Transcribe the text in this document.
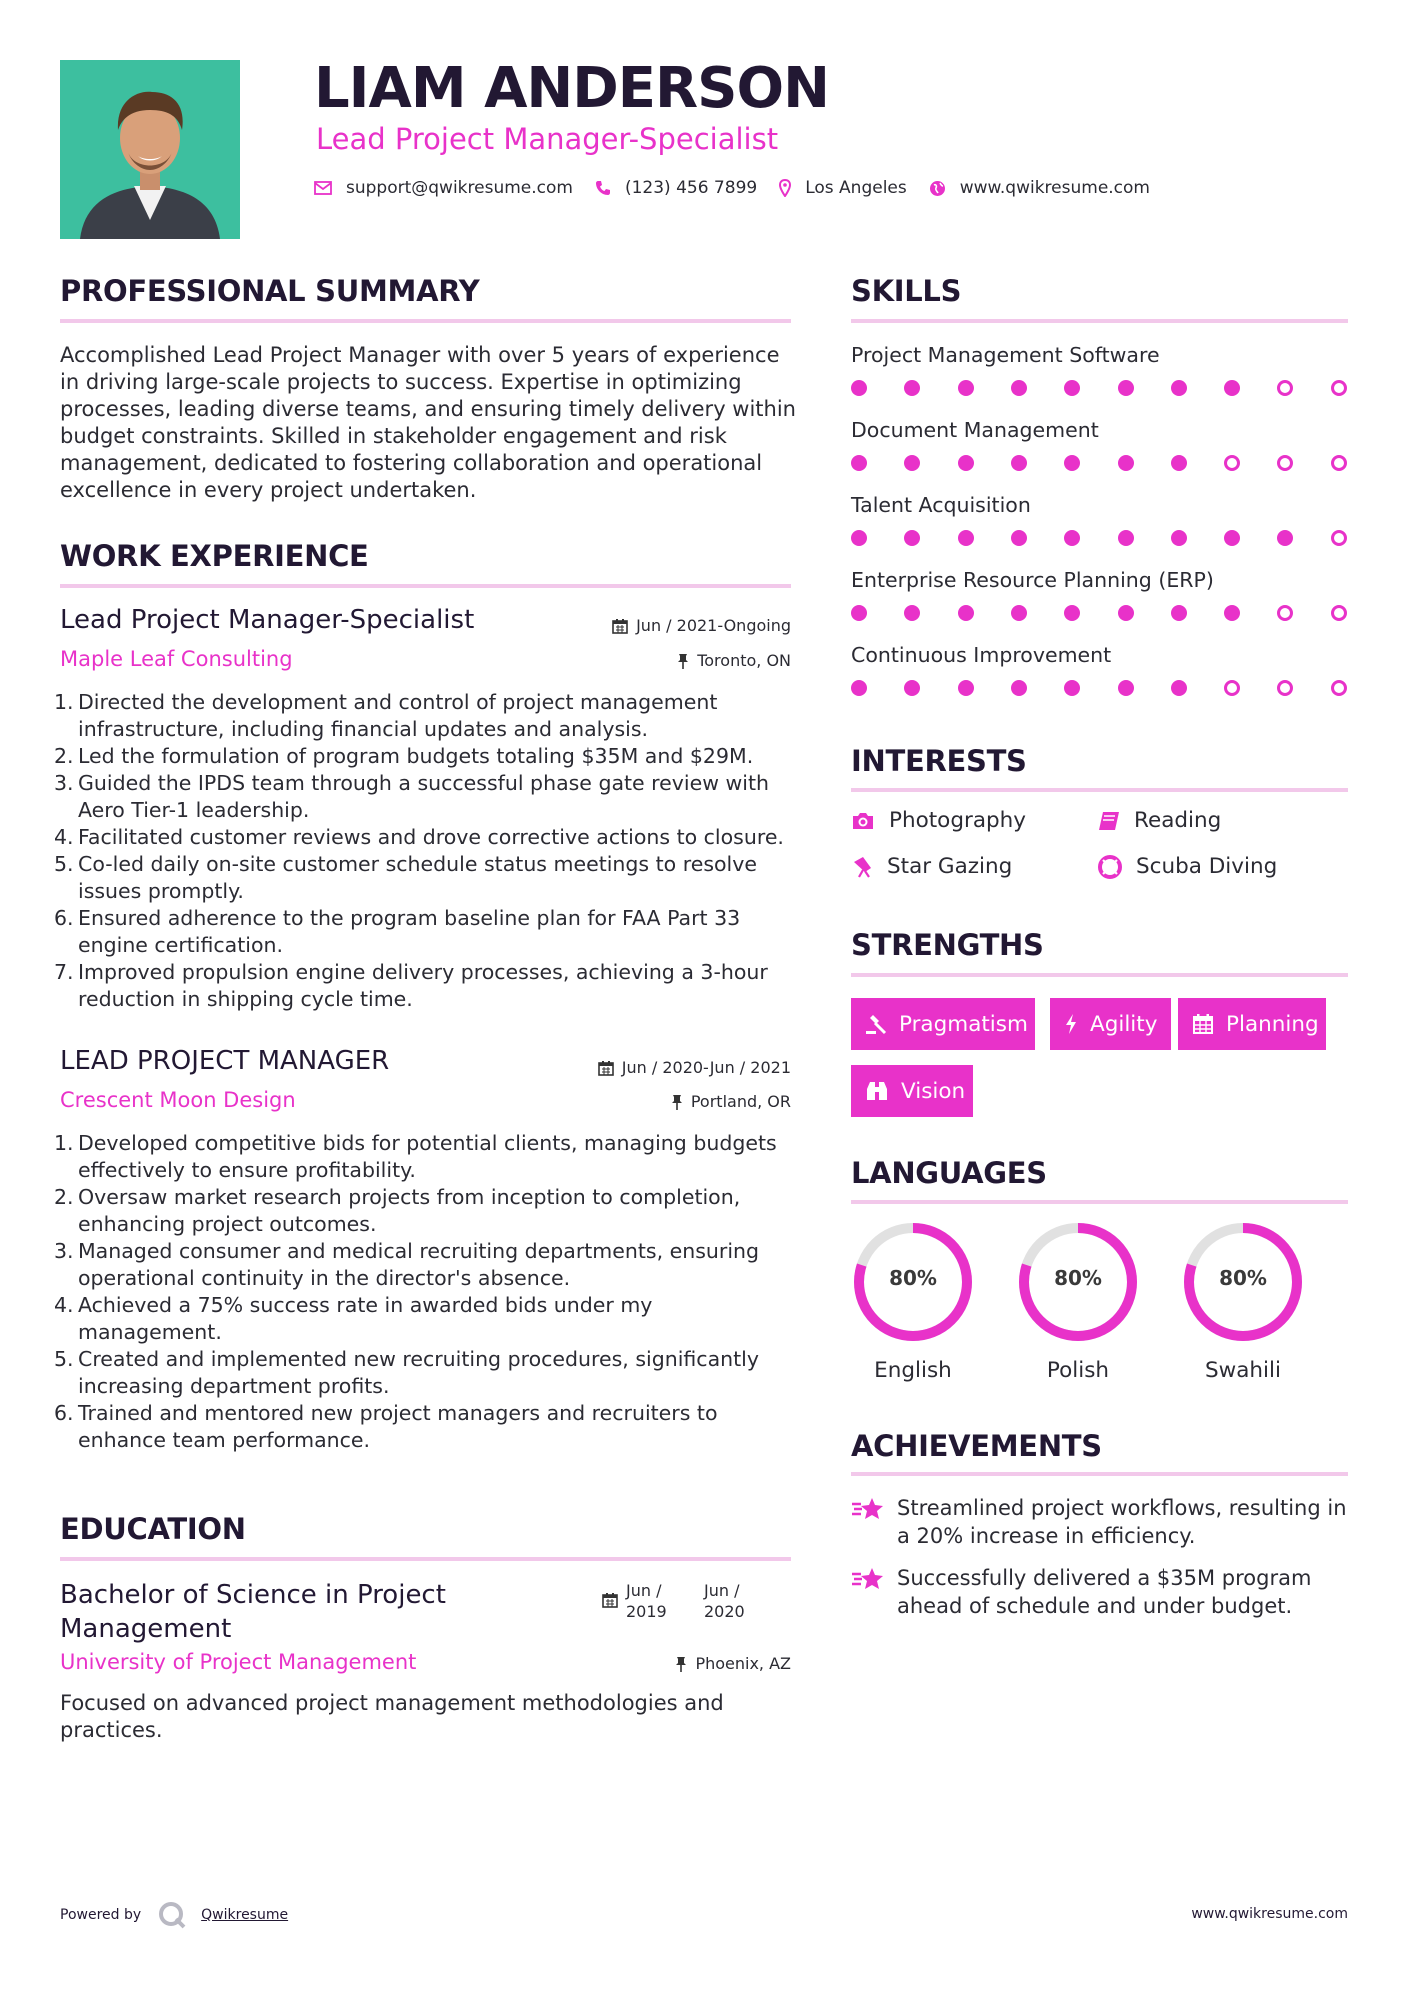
LIAM ANDERSON
Lead Project Manager-Specialist
support@qwikresume.com	(123) 456 7899	Los Angeles	www.qwikresume.com
PROFESSIONAL SUMMARY
Accomplished Lead Project Manager with over 5 years of experience in driving large-scale projects to success. Expertise in optimizing processes, leading diverse teams, and ensuring timely delivery within budget constraints. Skilled in stakeholder engagement and risk management, dedicated to fostering collaboration and operational excellence in every project undertaken.
WORK EXPERIENCE
Lead Project Manager-Specialist	Jun / 2021-Ongoing
Maple Leaf Consulting	Toronto, ON
1. Directed the development and control of project management infrastructure, including financial updates and analysis.
2. Led the formulation of program budgets totaling $35M and $29M.
3. Guided the IPDS team through a successful phase gate review with Aero Tier-1 leadership.
4. Facilitated customer reviews and drove corrective actions to closure.
5. Co-led daily on-site customer schedule status meetings to resolve issues promptly.
6. Ensured adherence to the program baseline plan for FAA Part 33 engine certification.
7. Improved propulsion engine delivery processes, achieving a 3-hour reduction in shipping cycle time.
LEAD PROJECT MANAGER	Jun / 2020-Jun / 2021
Crescent Moon Design	Portland, OR
1. Developed competitive bids for potential clients, managing budgets effectively to ensure profitability.
2. Oversaw market research projects from inception to completion, enhancing project outcomes.
3. Managed consumer and medical recruiting departments, ensuring operational continuity in the director's absence.
4. Achieved a 75% success rate in awarded bids under my management.
5. Created and implemented new recruiting procedures, significantly increasing department profits.
6. Trained and mentored new project managers and recruiters to enhance team performance.
EDUCATION
Bachelor of Science in Project Management
Jun / 2019
Jun / 2020
University of Project Management	Phoenix, AZ
Focused on advanced project management methodologies and practices.
SKILLS
Project Management Software
Document Management
Talent Acquisition
Enterprise Resource Planning (ERP)
Continuous Improvement
INTERESTS
Photography	Reading
Star Gazing	Scuba Diving
STRENGTHS
Pragmatism	Agility	Planning
Vision
LANGUAGES
80%
English
80%
Polish
80%
Swahili
ACHIEVEMENTS
Streamlined project workflows, resulting in a 20% increase in efficiency.
Successfully delivered a $35M program ahead of schedule and under budget.
Powered by	Qwikresume	www.qwikresume.com
